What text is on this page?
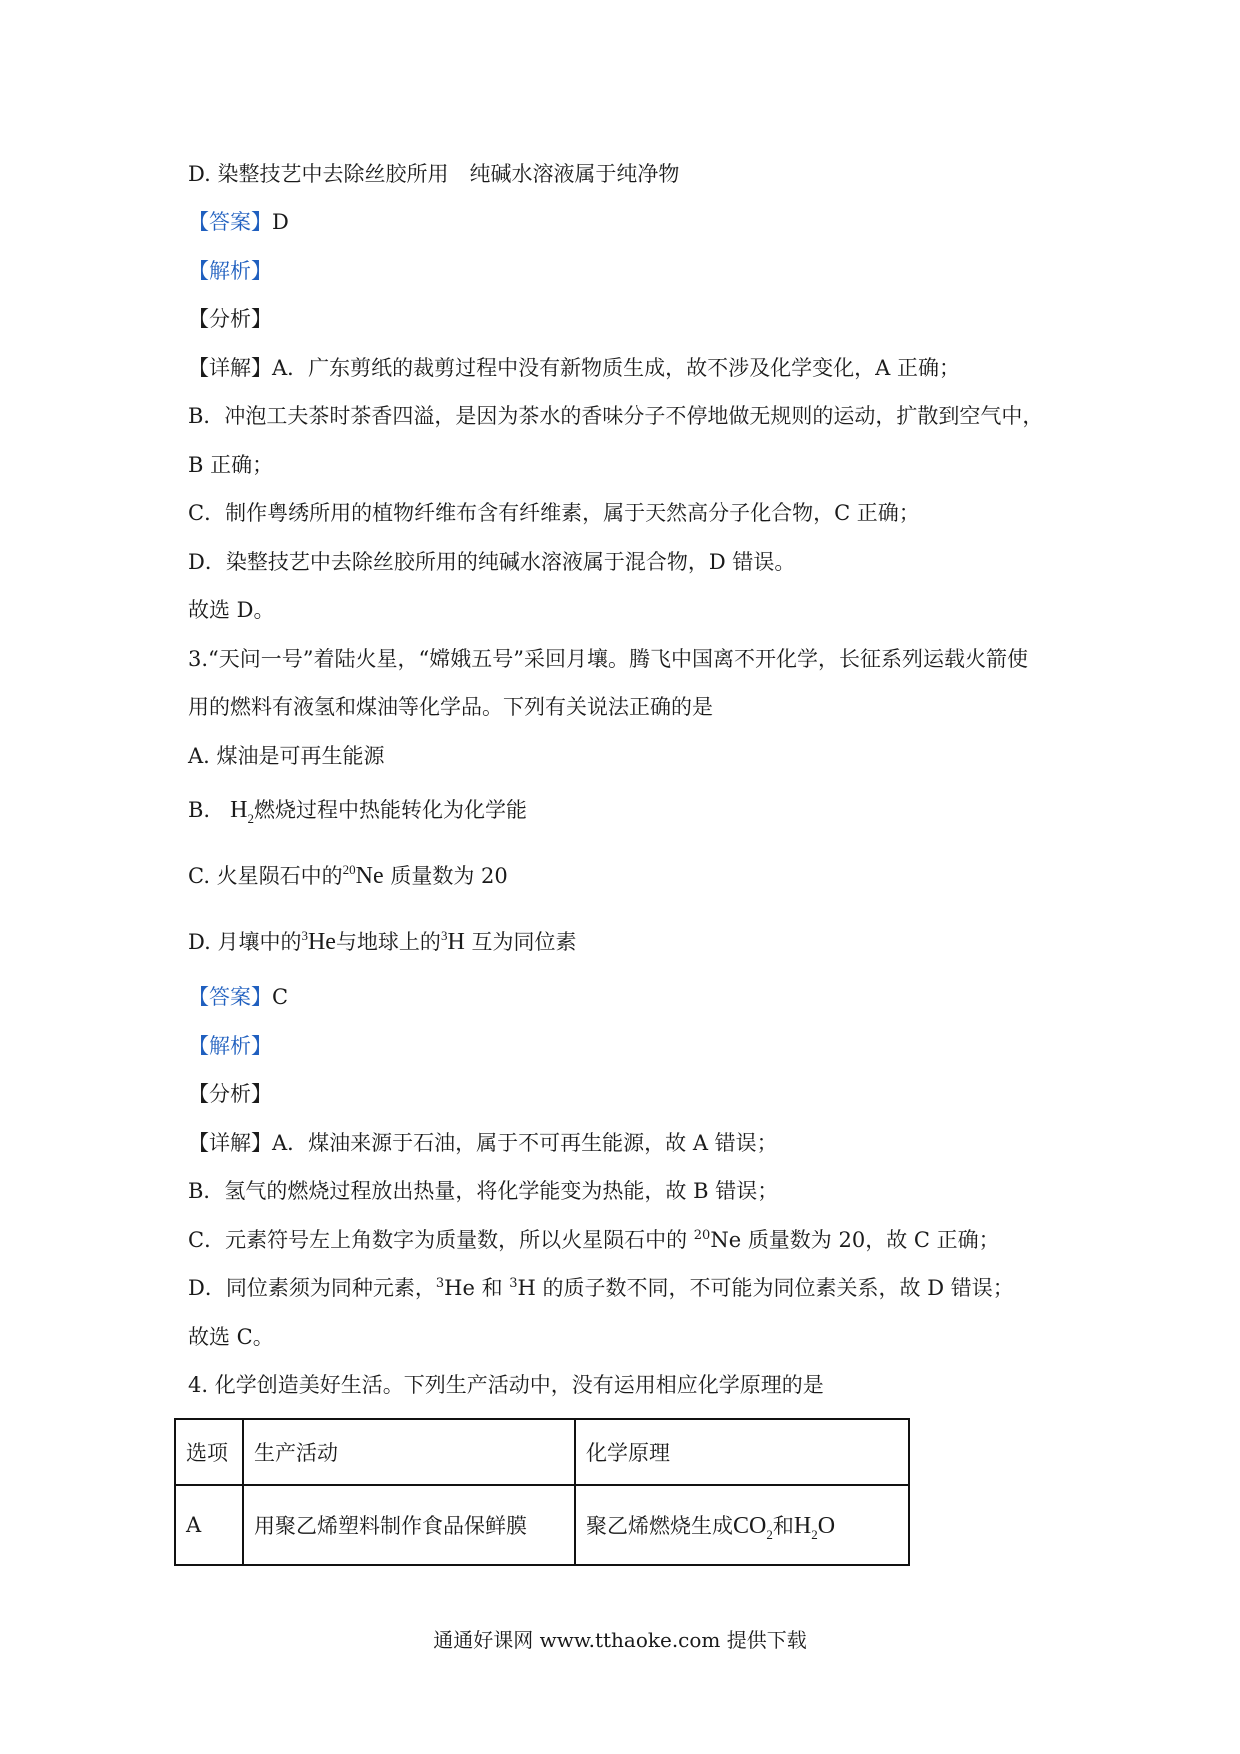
D. 染整技艺中去除丝胶所用　纯碱水溶液属于纯净物
【答案】D
【解析】
【分析】
【详解】A．广东剪纸的裁剪过程中没有新物质生成，故不涉及化学变化，A 正确；
B．冲泡工夫茶时茶香四溢，是因为茶水的香味分子不停地做无规则的运动，扩散到空气中，
B 正确；
C．制作粤绣所用的植物纤维布含有纤维素，属于天然高分子化合物，C 正确；
D．染整技艺中去除丝胶所用的纯碱水溶液属于混合物，D 错误。
故选 D。
3.“天问一号”着陆火星，“嫦娥五号”采回月壤。腾飞中国离不开化学，长征系列运载火箭使
用的燃料有液氢和煤油等化学品。下列有关说法正确的是
A. 煤油是可再生能源
B. $H_2$燃烧过程中热能转化为化学能
C. 火星陨石中的$^{20}$Ne 质量数为 20
D. 月壤中的$^3$He与地球上的$^3$H 互为同位素
【答案】C
【解析】
【分析】
【详解】A．煤油来源于石油，属于不可再生能源，故 A 错误；
B．氢气的燃烧过程放出热量，将化学能变为热能，故 B 错误；
C．元素符号左上角数字为质量数，所以火星陨石中的 $^{20}$Ne 质量数为 20，故 C 正确；
D．同位素须为同种元素，$^3$He 和 $^3$H 的质子数不同，不可能为同位素关系，故 D 错误；
故选 C。
4. 化学创造美好生活。下列生产活动中，没有运用相应化学原理的是
选项	生产活动	化学原理
A	用聚乙烯塑料制作食品保鲜膜	聚乙烯燃烧生成$CO_2$和$H_2O$
通通好课网 www.tthaoke.com 提供下载
